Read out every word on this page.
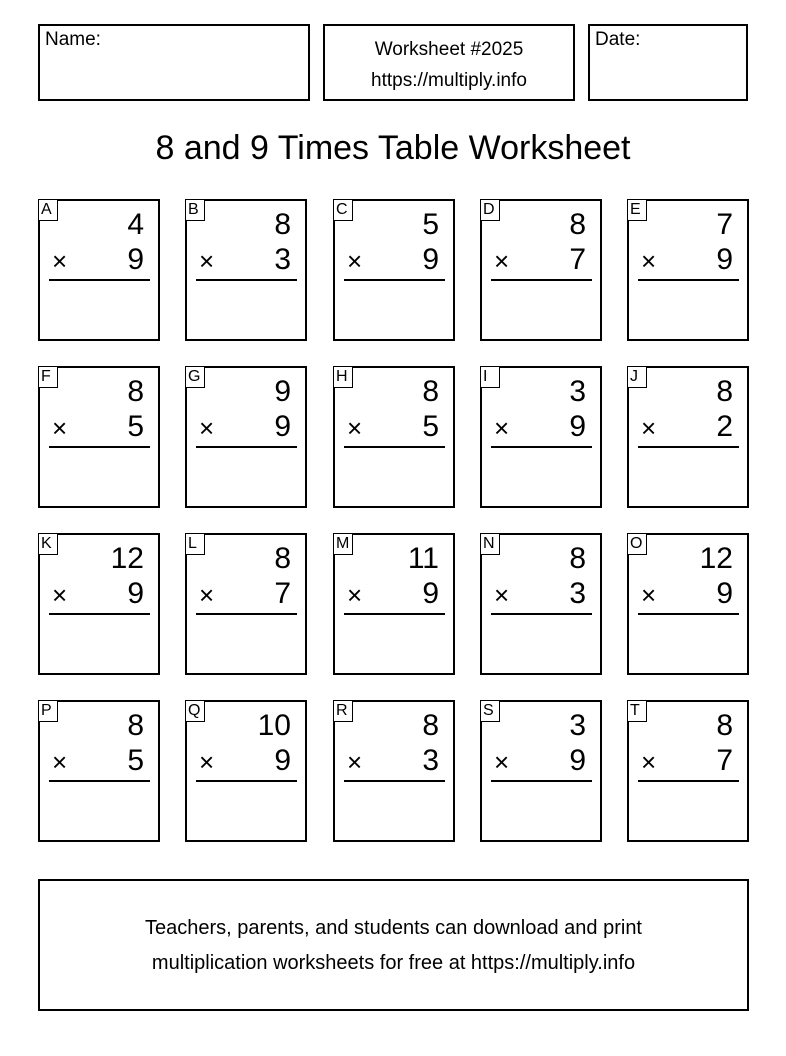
Name:	Worksheet #2025
https://multiply.info
Date:
8 and 9 Times Table Worksheet
A	4
× 9
B	8
× 3
C 5
× 9
D 8
× 7
E	7
× 9
F	8
× 5
G 9
× 9
H 8
× 5
I	3
× 9
J	8
× 2
K 12
× 9
L	8
× 7
M 11
× 9
N 8
× 3
O 12
× 9
P	8
× 5
Q 10
× 9
R 8
× 3
S	3
× 9
T	8
× 7
Teachers, parents, and students can download and print
multiplication worksheets for free at https://multiply.info
